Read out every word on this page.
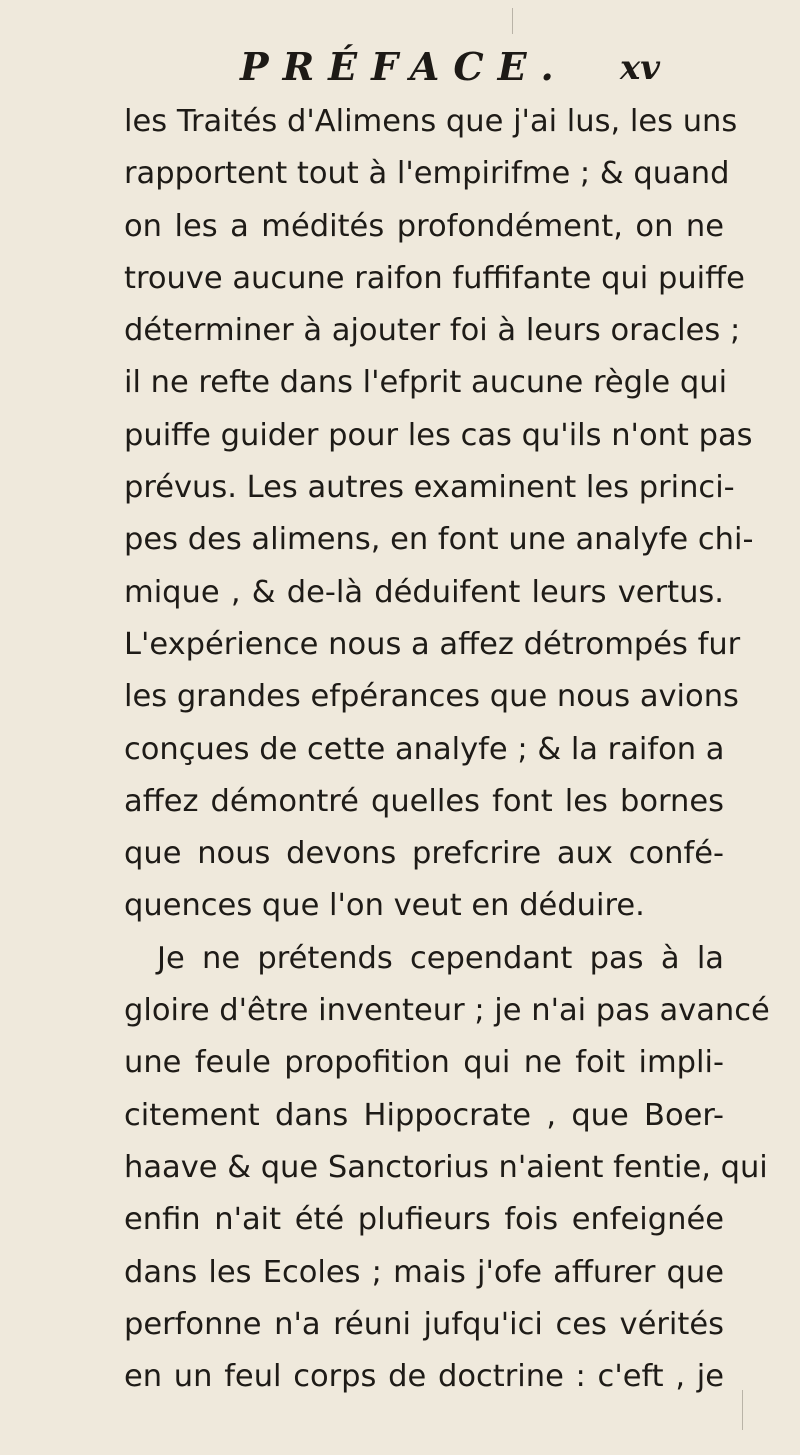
PRÉFACE. xv
les Traités d'Alimens que j'ai lus, les uns
rapportent tout à l'empirifme ; & quand
on les a médités profondément, on ne
trouve aucune raifon fuffifante qui puiffe
déterminer à ajouter foi à leurs oracles ;
il ne refte dans l'efprit aucune règle qui
puiffe guider pour les cas qu'ils n'ont pas
prévus. Les autres examinent les princi-
pes des alimens, en font une analyfe chi-
mique , & de-là déduifent leurs vertus.
L'expérience nous a affez détrompés fur
les grandes efpérances que nous avions
conçues de cette analyfe ; & la raifon a
affez démontré quelles font les bornes
que nous devons prefcrire aux confé-
quences que l'on veut en déduire.
Je ne prétends cependant pas à la
gloire d'être inventeur ; je n'ai pas avancé
une feule propofition qui ne foit impli-
citement dans Hippocrate , que Boer-
haave & que Sanctorius n'aient fentie, qui
enfin n'ait été plufieurs fois enfeignée
dans les Ecoles ; mais j'ofe affurer que
perfonne n'a réuni jufqu'ici ces vérités
en un feul corps de doctrine : c'eft , je
